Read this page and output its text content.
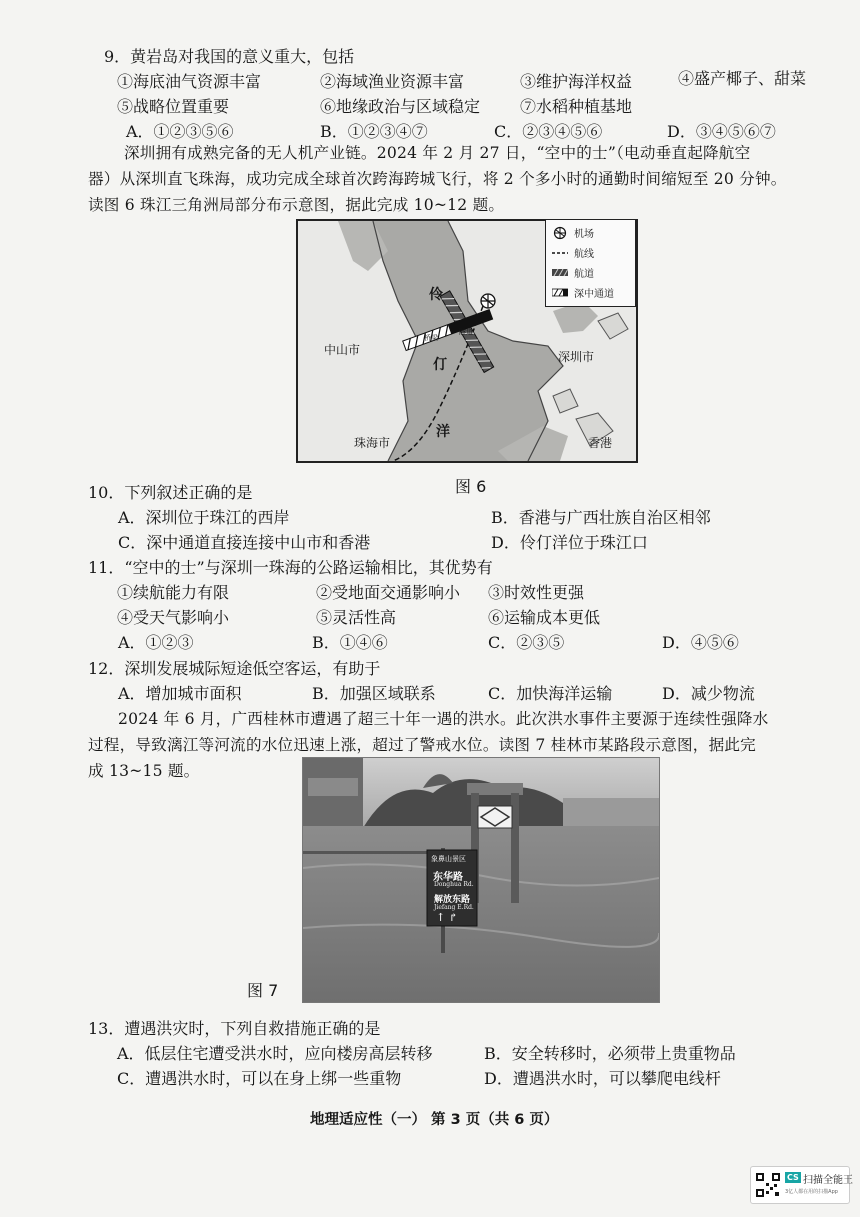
9．黄岩岛对我国的意义重大，包括
①海底油气资源丰富	②海域渔业资源丰富	③维护海洋权益	④盛产椰子、甜菜
⑤战略位置重要	⑥地缘政治与区域稳定 ⑦水稻种植基地
A．①②③⑤⑥	B．①②③④⑦	C．②③④⑤⑥	D．③④⑤⑥⑦
深圳拥有成熟完备的无人机产业链。2024 年 2 月 27 日，“空中的士”（电动垂直起降航空
器）从深圳直飞珠海，成功完成全球首次跨海跨城飞行，将 2 个多小时的通勤时间缩短至 20 分钟。
读图 6 珠江三角洲局部分布示意图，据此完成 10~12 题。
伶
仃
洋
中山市	深圳市
珠海市	香港
桥梁
隧道
机场
航线
航道
深中通道
图 6
10．下列叙述正确的是
A．深圳位于珠江的西岸	B．香港与广西壮族自治区相邻
C．深中通道直接连接中山市和香港	D．伶仃洋位于珠江口
11．“空中的士”与深圳一珠海的公路运输相比，其优势有
①续航能力有限	②受地面交通影响小 ③时效性更强
④受天气影响小	⑤灵活性高	⑥运输成本更低
A．①②③	B．①④⑥	C．②③⑤	D．④⑤⑥
12．深圳发展城际短途低空客运，有助于
A．增加城市面积	B．加强区域联系	C．加快海洋运输	D．减少物流
2024 年 6 月，广西桂林市遭遇了超三十年一遇的洪水。此次洪水事件主要源于连续性强降水
过程，导致漓江等河流的水位迅速上涨，超过了警戒水位。读图 7 桂林市某路段示意图，据此完
成 13~15 题。
象鼻山景区
东华路
Donghua Rd.
解放东路
Jiefang E.Rd.
↑ ↱
图 7
13．遭遇洪灾时，下列自救措施正确的是
A．低层住宅遭受洪水时，应向楼房高层转移	B．安全转移时，必须带上贵重物品
C．遭遇洪水时，可以在身上绑一些重物	D．遭遇洪水时，可以攀爬电线杆
地理适应性（一） 第 3 页（共 6 页）
CS 扫描全能王
3亿人都在用的扫描App
